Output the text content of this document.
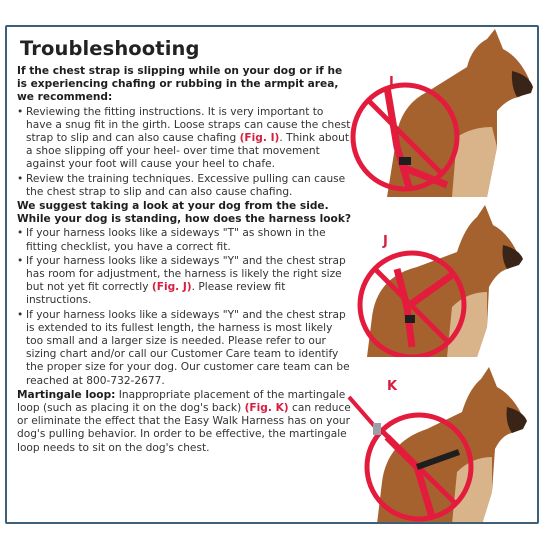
Troubleshooting

If the chest strap is slipping while on your dog or if he is experiencing chafing or rubbing in the armpit area, we recommend:

• Reviewing the fitting instructions. It is very important to have a snug fit in the girth. Loose straps can cause the chest strap to slip and can also cause chafing (Fig. I). Think about a shoe slipping off your heel- over time that movement against your foot will cause your heel to chafe.
• Review the training techniques. Excessive pulling can cause the chest strap to slip and can also cause chafing.

We suggest taking a look at your dog from the side. While your dog is standing, how does the harness look?

• If your harness looks like a sideways "T" as shown in the fitting checklist, you have a correct fit.
• If your harness looks like a sideways "Y" and the chest strap has room for adjustment, the harness is likely the right size but not yet fit correctly (Fig. J). Please review fit instructions.
• If your harness looks like a sideways "Y" and the chest strap is extended to its fullest length, the harness is most likely too small and a larger size is needed. Please refer to our sizing chart and/or call our Customer Care team to identify the proper size for your dog. Our customer care team can be reached at 800-732-2677.

Martingale loop: Inappropriate placement of the martingale loop (such as placing it on the dog's back) (Fig. K) can reduce or eliminate the effect that the Easy Walk Harness has on your dog's pulling behavior. In order to be effective, the martingale loop needs to sit on the dog's chest.

I
J
K
